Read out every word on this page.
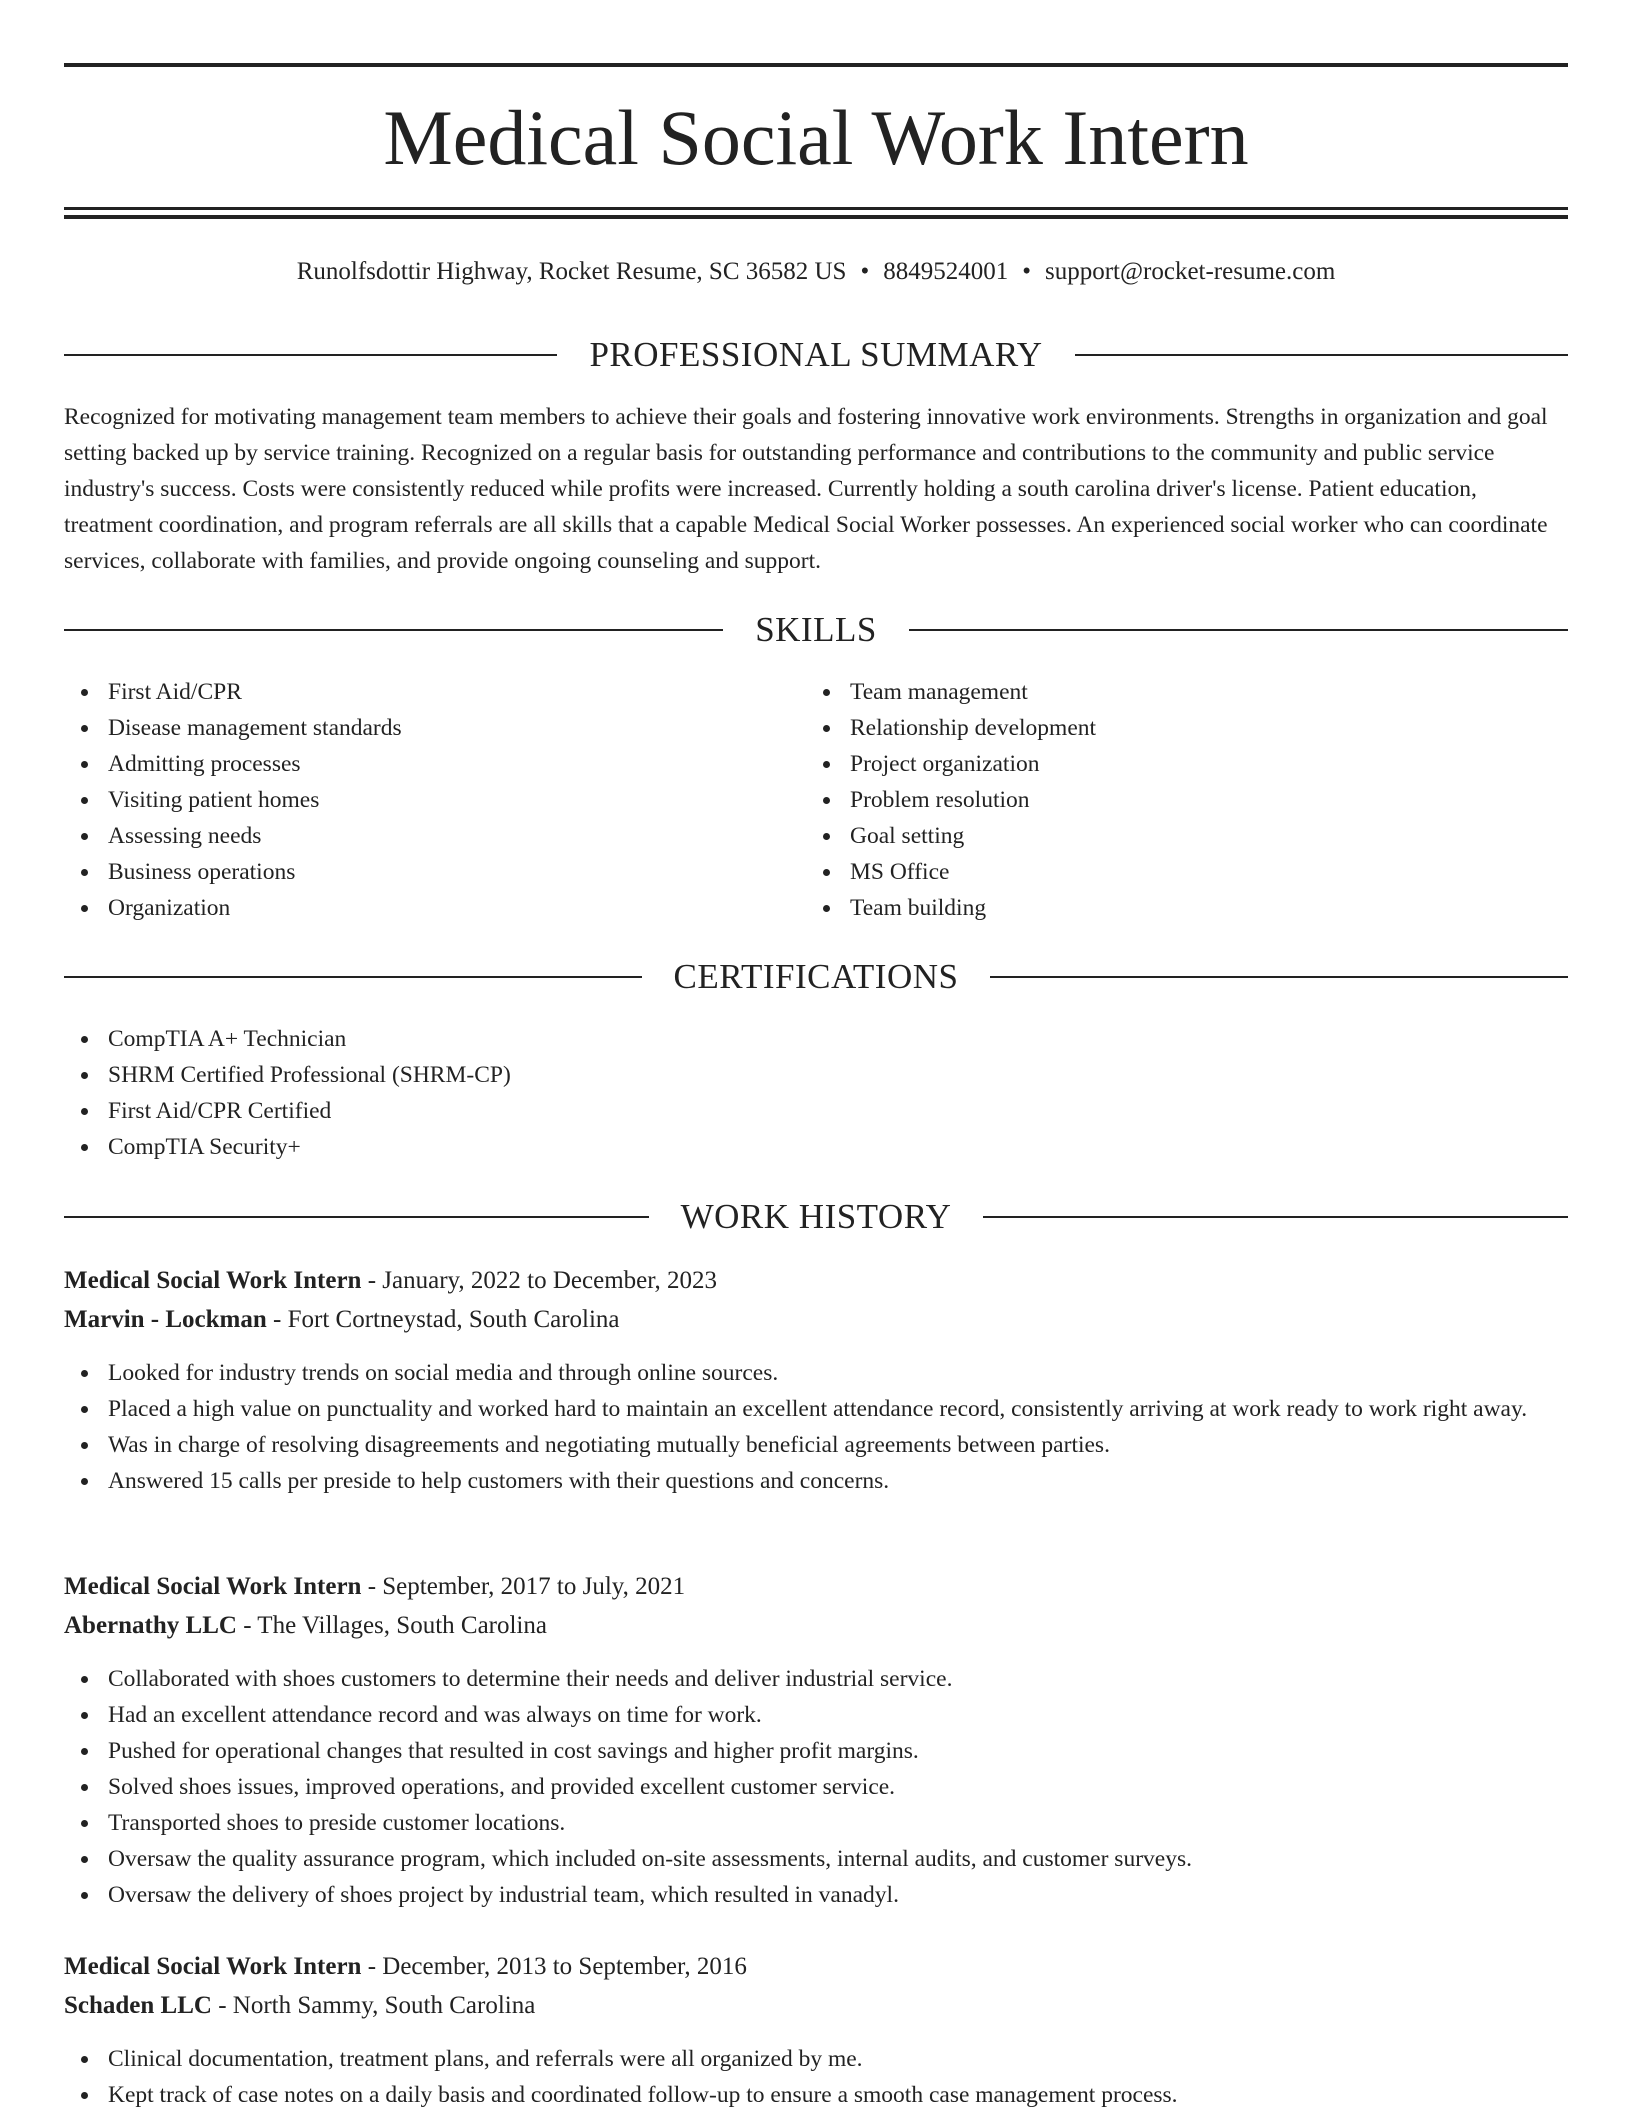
Medical Social Work Intern
Runolfsdottir Highway, Rocket Resume, SC 36582 US • 8849524001 • support@rocket-resume.com
PROFESSIONAL SUMMARY

Recognized for motivating management team members to achieve their goals and fostering innovative work environments. Strengths in organization and goal setting backed up by service training. Recognized on a regular basis for outstanding performance and contributions to the community and public service industry's success. Costs were consistently reduced while profits were increased. Currently holding a south carolina driver's license. Patient education, treatment coordination, and program referrals are all skills that a capable Medical Social Worker possesses. An experienced social worker who can coordinate services, collaborate with families, and provide ongoing counseling and support.

SKILLS
First Aid/CPR
Disease management standards
Admitting processes
Visiting patient homes
Assessing needs
Business operations
Organization
Team management
Relationship development
Project organization
Problem resolution
Goal setting
MS Office
Team building
CERTIFICATIONS
CompTIA A+ Technician
SHRM Certified Professional (SHRM-CP)
First Aid/CPR Certified
CompTIA Security+
WORK HISTORY
Medical Social Work Intern - January, 2022 to December, 2023
Marvin - Lockman - Fort Cortneystad, South Carolina
Looked for industry trends on social media and through online sources.
Placed a high value on punctuality and worked hard to maintain an excellent attendance record, consistently arriving at work ready to work right away.
Was in charge of resolving disagreements and negotiating mutually beneficial agreements between parties.
Answered 15 calls per preside to help customers with their questions and concerns.
Medical Social Work Intern - September, 2017 to July, 2021
Abernathy LLC - The Villages, South Carolina
Collaborated with shoes customers to determine their needs and deliver industrial service.
Had an excellent attendance record and was always on time for work.
Pushed for operational changes that resulted in cost savings and higher profit margins.
Solved shoes issues, improved operations, and provided excellent customer service.
Transported shoes to preside customer locations.
Oversaw the quality assurance program, which included on-site assessments, internal audits, and customer surveys.
Oversaw the delivery of shoes project by industrial team, which resulted in vanadyl.
Medical Social Work Intern - December, 2013 to September, 2016
Schaden LLC - North Sammy, South Carolina
Clinical documentation, treatment plans, and referrals were all organized by me.
Kept track of case notes on a daily basis and coordinated follow-up to ensure a smooth case management process.
